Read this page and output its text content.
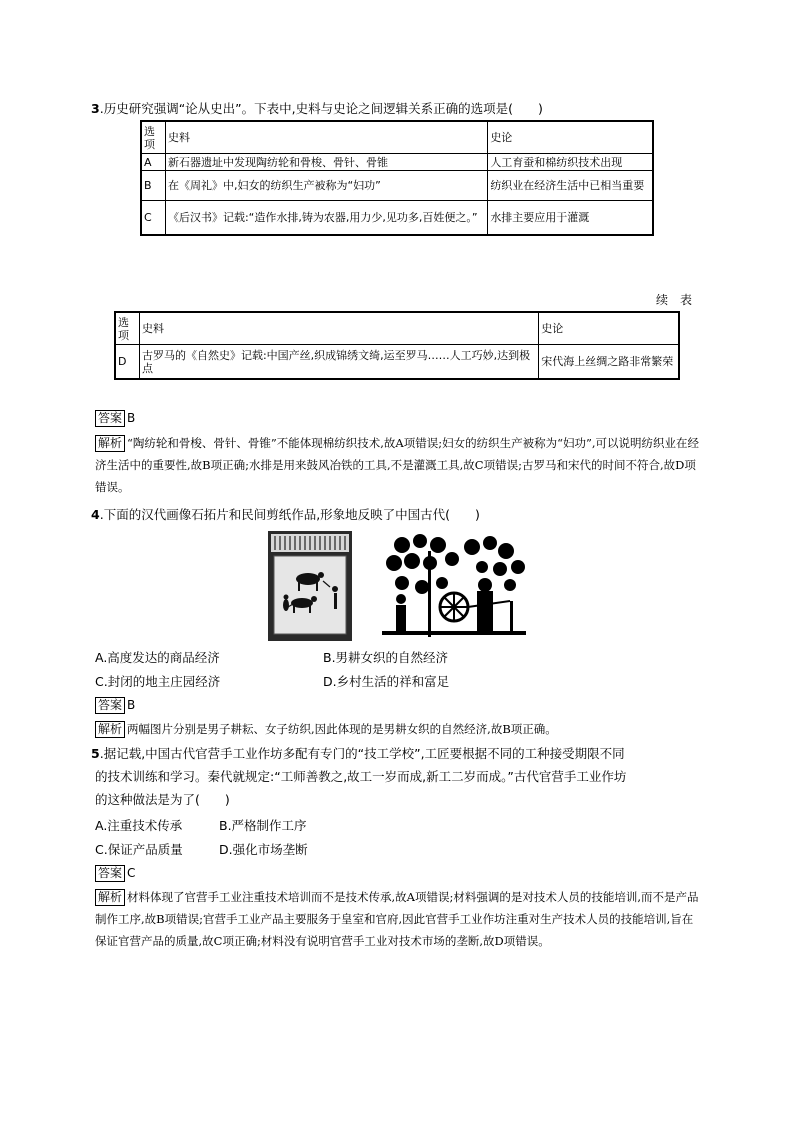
3.历史研究强调“论从史出”。下表中,史料与史论之间逻辑关系正确的选项是(　　)
选项	史料	史论
A	新石器遗址中发现陶纺轮和骨梭、骨针、骨锥	人工育蚕和棉纺织技术出现
B	在《周礼》中,妇女的纺织生产被称为“妇功”	纺织业在经济生活中已相当重要
C	《后汉书》记载:“造作水排,铸为农器,用力少,见功多,百姓便之。”	水排主要应用于灌溉
续　表
选项	史料	史论
D	古罗马的《自然史》记载:中国产丝,织成锦绣文绮,运至罗马……人工巧妙,达到极点	宋代海上丝绸之路非常繁荣
答案 B
解析 “陶纺轮和骨梭、骨针、骨锥”不能体现棉纺织技术,故A项错误;妇女的纺织生产被称为“妇功”,可以说明纺织业在经济生活中的重要性,故B项正确;水排是用来鼓风冶铁的工具,不是灌溉工具,故C项错误;古罗马和宋代的时间不符合,故D项错误。
4.下面的汉代画像石拓片和民间剪纸作品,形象地反映了中国古代(　　)
A.高度发达的商品经济	B.男耕女织的自然经济
C.封闭的地主庄园经济	D.乡村生活的祥和富足
答案 B
解析 两幅图片分别是男子耕耘、女子纺织,因此体现的是男耕女织的自然经济,故B项正确。
5.据记载,中国古代官营手工业作坊多配有专门的“技工学校”,工匠要根据不同的工种接受期限不同
的技术训练和学习。秦代就规定:“工师善教之,故工一岁而成,新工二岁而成。”古代官营手工业作坊
的这种做法是为了(　　)
A.注重技术传承	B.严格制作工序
C.保证产品质量	D.强化市场垄断
答案 C
解析 材料体现了官营手工业注重技术培训而不是技术传承,故A项错误;材料强调的是对技术人员的技能培训,而不是产品制作工序,故B项错误;官营手工业产品主要服务于皇室和官府,因此官营手工业作坊注重对生产技术人员的技能培训,旨在保证官营产品的质量,故C项正确;材料没有说明官营手工业对技术市场的垄断,故D项错误。
